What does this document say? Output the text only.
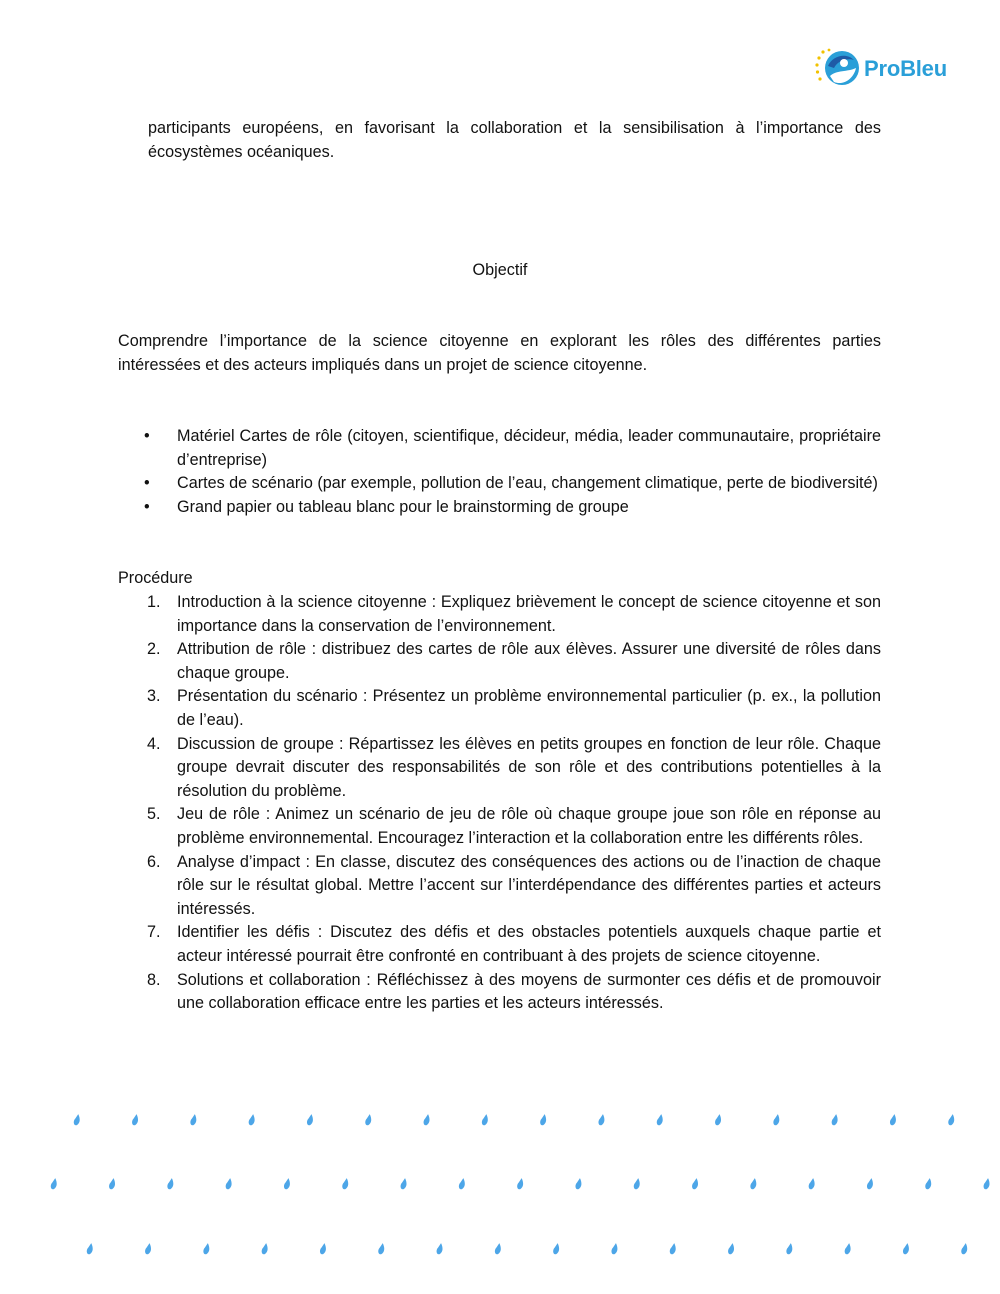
ProBleu
participants européens, en favorisant la collaboration et la sensibilisation à l’importance des écosystèmes océaniques.
Objectif
Comprendre l’importance de la science citoyenne en explorant les rôles des différentes parties intéressées et des acteurs impliqués dans un projet de science citoyenne.
• Matériel Cartes de rôle (citoyen, scientifique, décideur, média, leader communautaire, propriétaire d’entreprise)
• Cartes de scénario (par exemple, pollution de l’eau, changement climatique, perte de biodiversité)
• Grand papier ou tableau blanc pour le brainstorming de groupe
Procédure
1. Introduction à la science citoyenne : Expliquez brièvement le concept de science citoyenne et son importance dans la conservation de l’environnement.
2. Attribution de rôle : distribuez des cartes de rôle aux élèves. Assurer une diversité de rôles dans chaque groupe.
3. Présentation du scénario : Présentez un problème environnemental particulier (p. ex., la pollution de l’eau).
4. Discussion de groupe : Répartissez les élèves en petits groupes en fonction de leur rôle. Chaque groupe devrait discuter des responsabilités de son rôle et des contributions potentielles à la résolution du problème.
5. Jeu de rôle : Animez un scénario de jeu de rôle où chaque groupe joue son rôle en réponse au problème environnemental. Encouragez l’interaction et la collaboration entre les différents rôles.
6. Analyse d’impact : En classe, discutez des conséquences des actions ou de l’inaction de chaque rôle sur le résultat global. Mettre l’accent sur l’interdépendance des différentes parties et acteurs intéressés.
7. Identifier les défis : Discutez des défis et des obstacles potentiels auxquels chaque partie et acteur intéressé pourrait être confronté en contribuant à des projets de science citoyenne.
8. Solutions et collaboration : Réfléchissez à des moyens de surmonter ces défis et de promouvoir une collaboration efficace entre les parties et les acteurs intéressés.
